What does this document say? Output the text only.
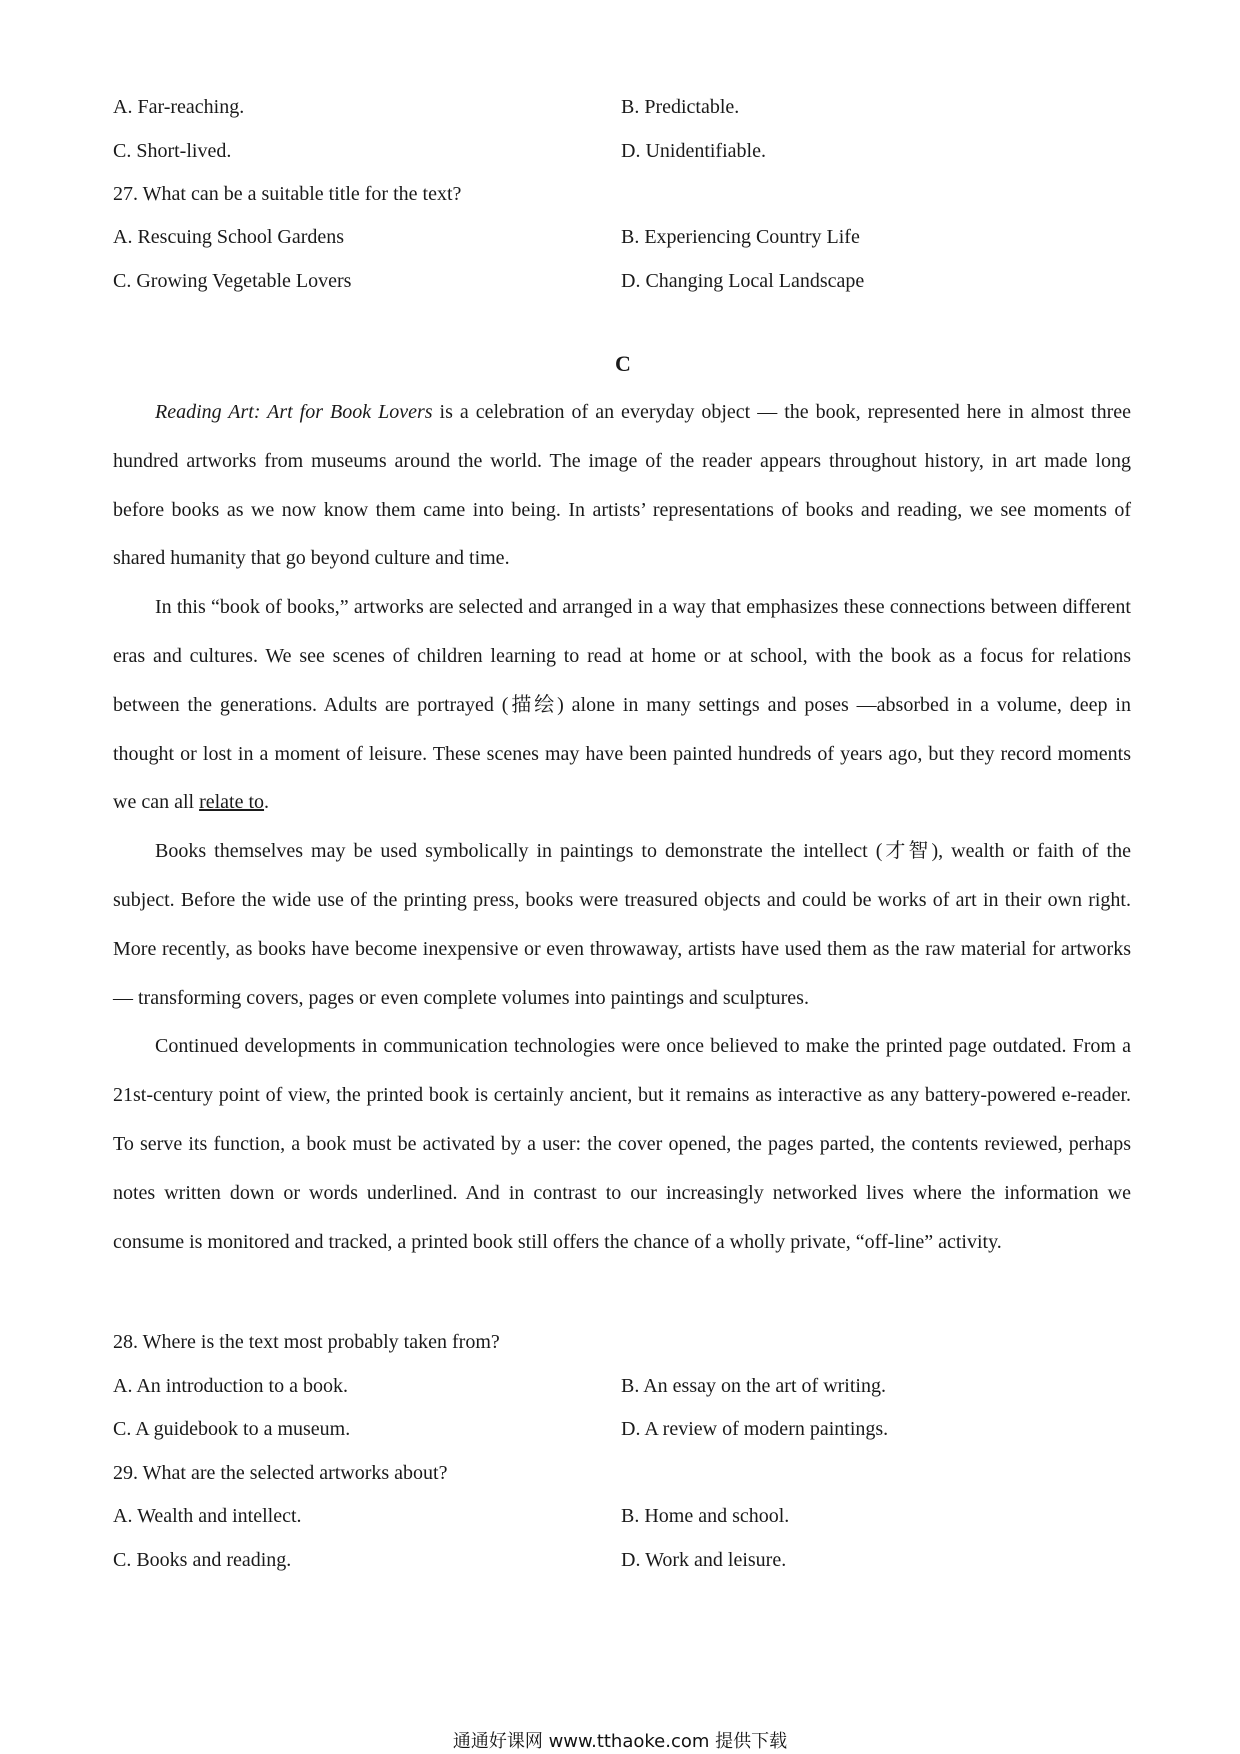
A. Far-reaching.	B. Predictable.
C. Short-lived.	D. Unidentifiable.
27. What can be a suitable title for the text?
A. Rescuing School Gardens	B. Experiencing Country Life
C. Growing Vegetable Lovers	D. Changing Local Landscape
C

Reading Art: Art for Book Lovers is a celebration of an everyday object — the book, represented here in almost three hundred artworks from museums around the world. The image of the reader appears throughout history, in art made long before books as we now know them came into being. In artists’ representations of books and reading, we see moments of shared humanity that go beyond culture and time.

In this “book of books,” artworks are selected and arranged in a way that emphasizes these connections between different eras and cultures. We see scenes of children learning to read at home or at school, with the book as a focus for relations between the generations. Adults are portrayed (描绘) alone in many settings and poses —absorbed in a volume, deep in thought or lost in a moment of leisure. These scenes may have been painted hundreds of years ago, but they record moments we can all relate to.

Books themselves may be used symbolically in paintings to demonstrate the intellect (才智), wealth or faith of the subject. Before the wide use of the printing press, books were treasured objects and could be works of art in their own right. More recently, as books have become inexpensive or even throwaway, artists have used them as the raw material for artworks — transforming covers, pages or even complete volumes into paintings and sculptures.

Continued developments in communication technologies were once believed to make the printed page outdated. From a 21st-century point of view, the printed book is certainly ancient, but it remains as interactive as any battery-powered e-reader. To serve its function, a book must be activated by a user: the cover opened, the pages parted, the contents reviewed, perhaps notes written down or words underlined. And in contrast to our increasingly networked lives where the information we consume is monitored and tracked, a printed book still offers the chance of a wholly private, “off-line” activity.

28. Where is the text most probably taken from?
A. An introduction to a book.	B. An essay on the art of writing.
C. A guidebook to a museum.	D. A review of modern paintings.
29. What are the selected artworks about?
A. Wealth and intellect.	B. Home and school.
C. Books and reading.	D. Work and leisure.
通通好课网 www.tthaoke.com 提供下载
